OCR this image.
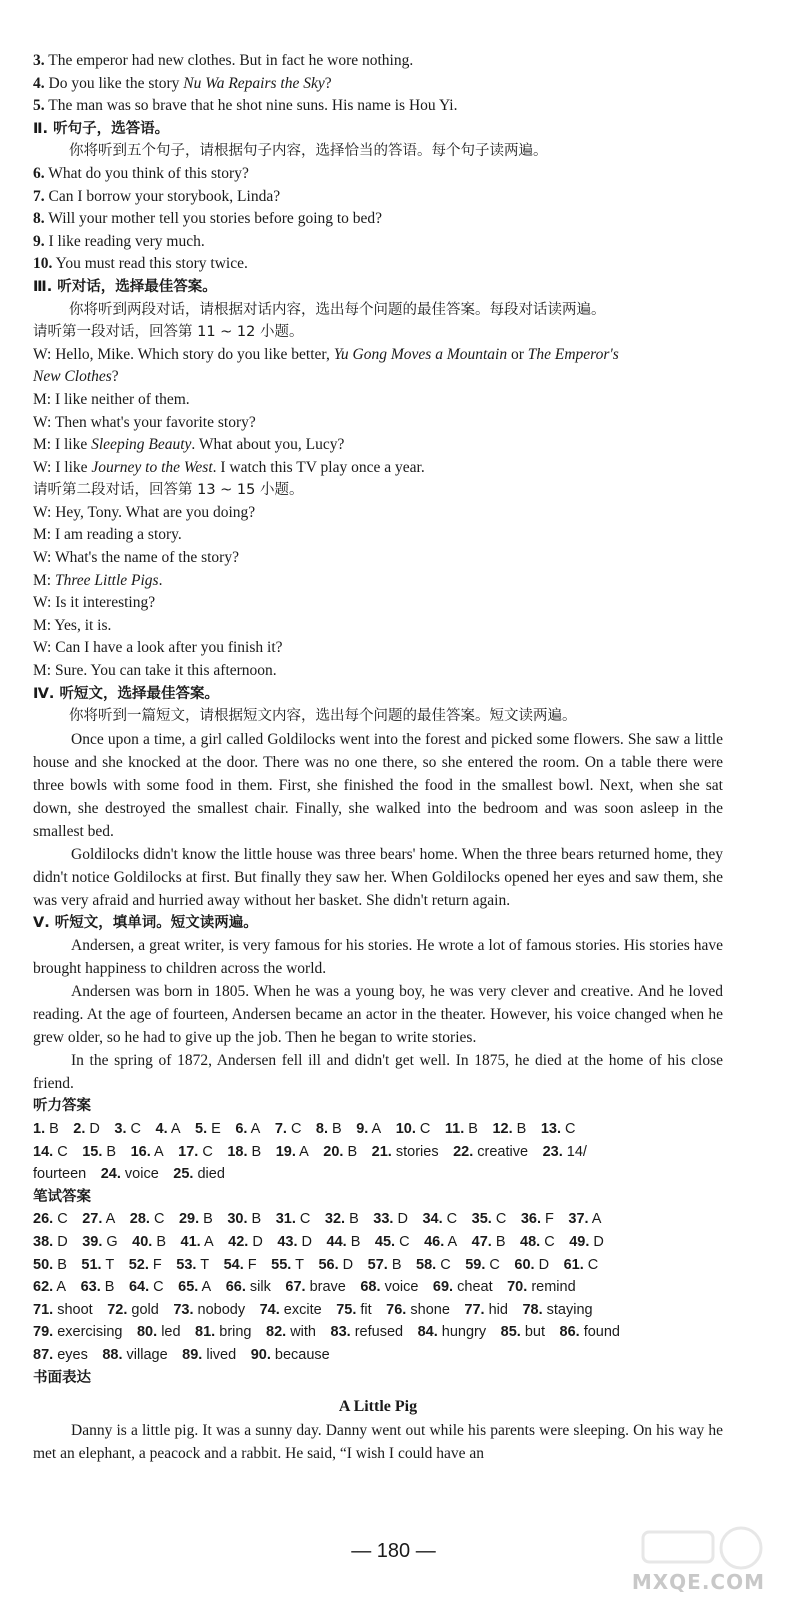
3. The emperor had new clothes. But in fact he wore nothing.
4. Do you like the story Nu Wa Repairs the Sky?
5. The man was so brave that he shot nine suns. His name is Hou Yi.
Ⅱ. 听句子，选答语。
你将听到五个句子，请根据句子内容，选择恰当的答语。每个句子读两遍。
6. What do you think of this story?
7. Can I borrow your storybook, Linda?
8. Will your mother tell you stories before going to bed?
9. I like reading very much.
10. You must read this story twice.
Ⅲ. 听对话，选择最佳答案。
你将听到两段对话，请根据对话内容，选出每个问题的最佳答案。每段对话读两遍。
请听第一段对话，回答第 11 ~ 12 小题。
W: Hello, Mike. Which story do you like better, Yu Gong Moves a Mountain or The Emperor's
New Clothes?
M: I like neither of them.
W: Then what's your favorite story?
M: I like Sleeping Beauty. What about you, Lucy?
W: I like Journey to the West. I watch this TV play once a year.
请听第二段对话，回答第 13 ~ 15 小题。
W: Hey, Tony. What are you doing?
M: I am reading a story.
W: What's the name of the story?
M: Three Little Pigs.
W: Is it interesting?
M: Yes, it is.
W: Can I have a look after you finish it?
M: Sure. You can take it this afternoon.
Ⅳ. 听短文，选择最佳答案。
你将听到一篇短文，请根据短文内容，选出每个问题的最佳答案。短文读两遍。
Once upon a time, a girl called Goldilocks went into the forest and picked some flowers. She saw a little house and she knocked at the door. There was no one there, so she entered the room. On a table there were three bowls with some food in them. First, she finished the food in the smallest bowl. Next, when she sat down, she destroyed the smallest chair. Finally, she walked into the bedroom and was soon asleep in the smallest bed.
Goldilocks didn't know the little house was three bears' home. When the three bears returned home, they didn't notice Goldilocks at first. But finally they saw her. When Goldilocks opened her eyes and saw them, she was very afraid and hurried away without her basket. She didn't return again.
Ⅴ. 听短文，填单词。短文读两遍。
Andersen, a great writer, is very famous for his stories. He wrote a lot of famous stories. His stories have brought happiness to children across the world.
Andersen was born in 1805. When he was a young boy, he was very clever and creative. And he loved reading. At the age of fourteen, Andersen became an actor in the theater. However, his voice changed when he grew older, so he had to give up the job. Then he began to write stories.
In the spring of 1872, Andersen fell ill and didn't get well. In 1875, he died at the home of his close friend.
听力答案
1. B  2. D  3. C  4. A  5. E  6. A  7. C  8. B  9. A  10. C  11. B  12. B  13. C 
14. C  15. B  16. A  17. C  18. B  19. A  20. B  21. stories  22. creative  23. 14/ 
fourteen  24. voice  25. died 
笔试答案
26. C  27. A  28. C  29. B  30. B  31. C  32. B  33. D  34. C  35. C  36. F  37. A 
38. D  39. G  40. B  41. A  42. D  43. D  44. B  45. C  46. A  47. B  48. C  49. D 
50. B  51. T  52. F  53. T  54. F  55. T  56. D  57. B  58. C  59. C  60. D  61. C 
62. A  63. B  64. C  65. A  66. silk  67. brave  68. voice  69. cheat  70. remind 
71. shoot  72. gold  73. nobody  74. excite  75. fit  76. shone  77. hid  78. staying 
79. exercising  80. led  81. bring  82. with  83. refused  84. hungry  85. but  86. found 
87. eyes  88. village  89. lived  90. because 
书面表达
A Little Pig
Danny is a little pig. It was a sunny day. Danny went out while his parents were sleeping. On his way he met an elephant, a peacock and a rabbit. He said, “I wish I could have an
— 180 —
MXQE.COM
